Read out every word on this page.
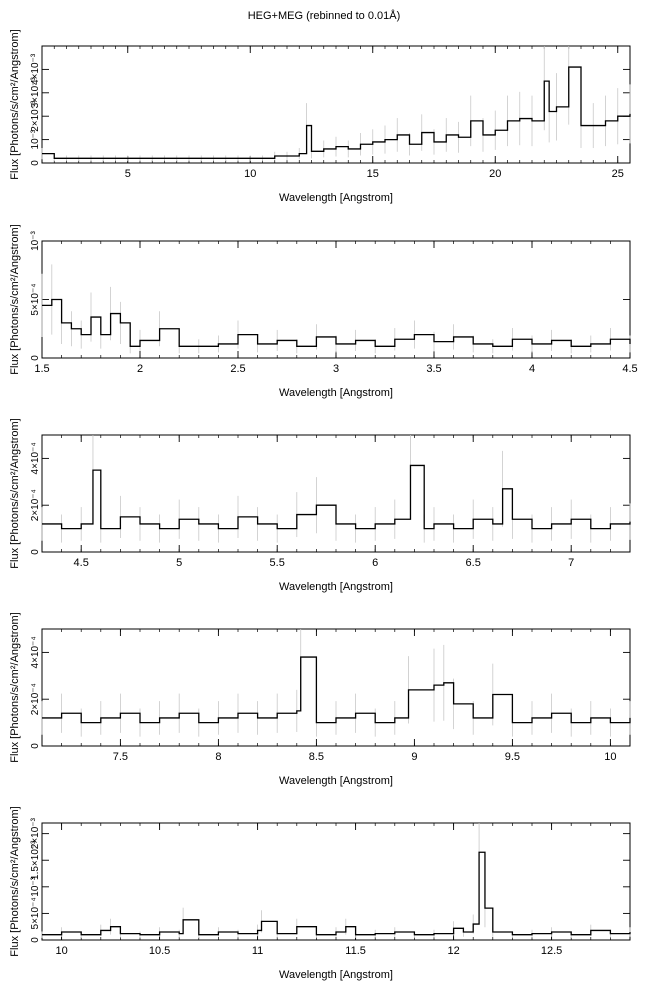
HEG+MEG (rebinned to 0.01Å)
5	10	15	20	25
10⁻³
2×10⁻³
3×10⁻³
4×10⁻³
0
Wavelength [Angstrom]
Flux [Photons/s/cm²/Angstrom]
1.5	2	2.5	3	3.5	4	4.5
5×10⁻⁴
10⁻³
0
Wavelength [Angstrom]
Flux [Photons/s/cm²/Angstrom]
4.5	5	5.5	6	6.5	7
2×10⁻⁴
4×10⁻⁴
0
Wavelength [Angstrom]
Flux [Photons/s/cm²/Angstrom]
7.5	8	8.5	9	9.5	10
2×10⁻⁴
4×10⁻⁴
0
Wavelength [Angstrom]
Flux [Photons/s/cm²/Angstrom]
10	10.5	11	11.5	12	12.5
5×10⁻⁴
10⁻³
1.5×10⁻³
2×10⁻³
0
Wavelength [Angstrom]
Flux [Photons/s/cm²/Angstrom]
